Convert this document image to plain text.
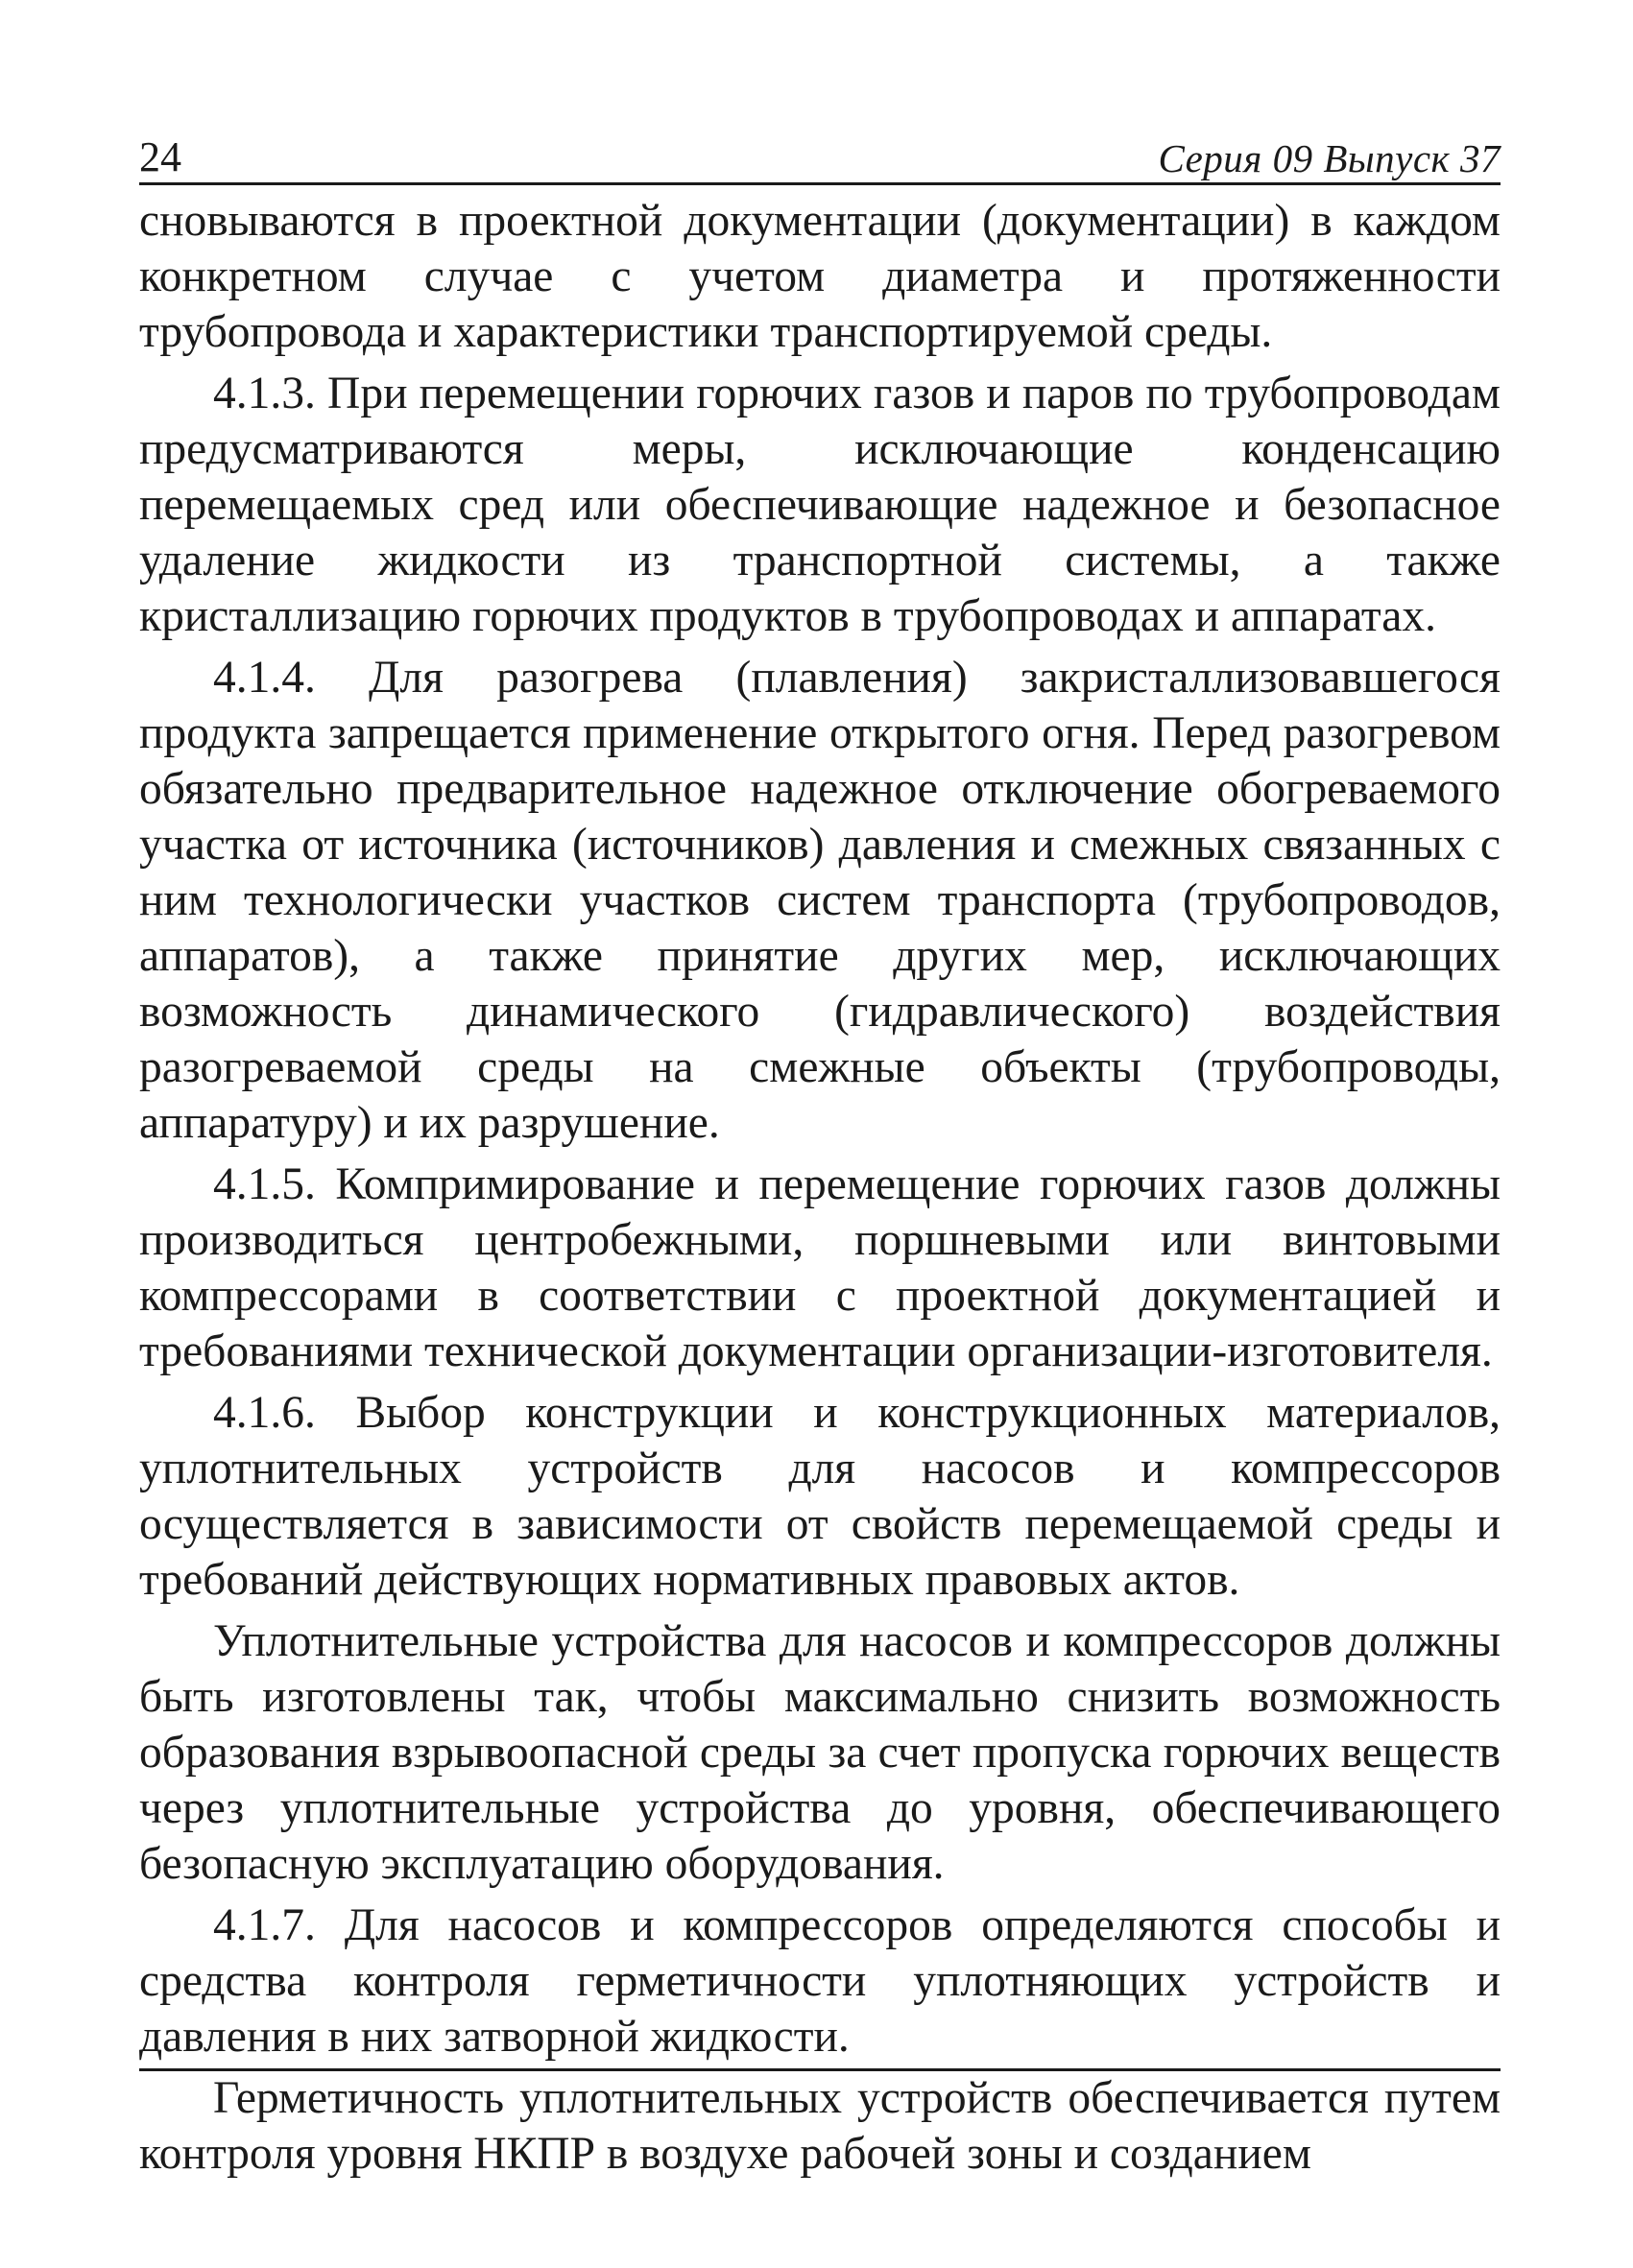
24	Серия 09 Выпуск 37

сновываются в проектной документации (документации) в каждом конкретном случае с учетом диаметра и протяженности трубопровода и характеристики транспортируемой среды.

4.1.3. При перемещении горючих газов и паров по трубопроводам предусматриваются меры, исключающие конденсацию перемещаемых сред или обеспечивающие надежное и безопасное удаление жидкости из транспортной системы, а также кристаллизацию горючих продуктов в трубопроводах и аппаратах.

4.1.4. Для разогрева (плавления) закристаллизовавшегося продукта запрещается применение открытого огня. Перед разогревом обязательно предварительное надежное отключение обогреваемого участка от источника (источников) давления и смежных связанных с ним технологически участков систем транспорта (трубопроводов, аппаратов), а также принятие других мер, исключающих возможность динамического (гидравлического) воздействия разогреваемой среды на смежные объекты (трубопроводы, аппаратуру) и их разрушение.

4.1.5. Компримирование и перемещение горючих газов должны производиться центробежными, поршневыми или винтовыми компрессорами в соответствии с проектной документацией и требованиями технической документации организации-изготовителя.

4.1.6. Выбор конструкции и конструкционных материалов, уплотнительных устройств для насосов и компрессоров осуществляется в зависимости от свойств перемещаемой среды и требований действующих нормативных правовых актов.

Уплотнительные устройства для насосов и компрессоров должны быть изготовлены так, чтобы максимально снизить возможность образования взрывоопасной среды за счет пропуска горючих веществ через уплотнительные устройства до уровня, обеспечивающего безопасную эксплуатацию оборудования.

4.1.7. Для насосов и компрессоров определяются способы и средства контроля герметичности уплотняющих устройств и давления в них затворной жидкости.

Герметичность уплотнительных устройств обеспечивается путем контроля уровня НКПР в воздухе рабочей зоны и созданием
